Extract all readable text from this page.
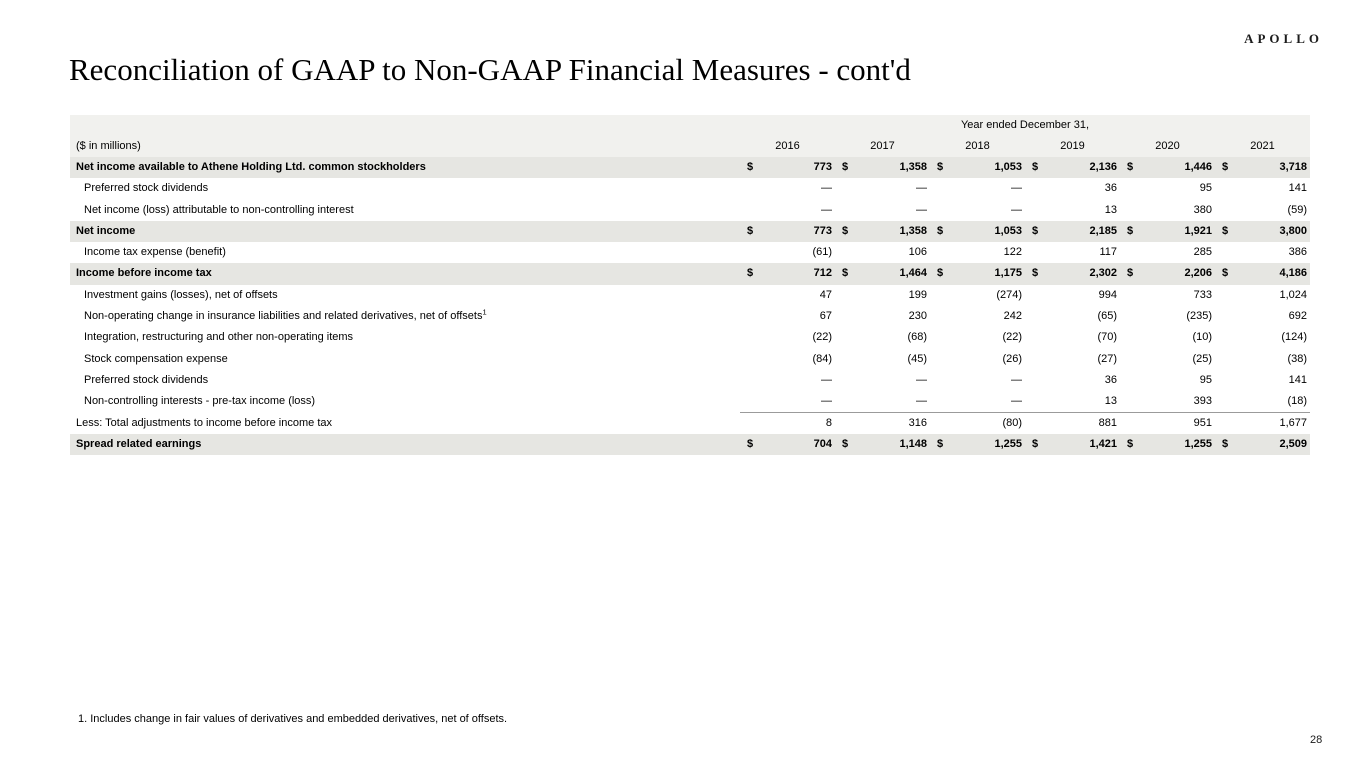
APOLLO
Reconciliation of GAAP to Non-GAAP Financial Measures - cont'd
Year ended December 31,
($ in millions)	2016	2017	2018	2019	2020	2021
Net income available to Athene Holding Ltd. common stockholders	$	773 $	1,358 $	1,053 $	2,136 $	1,446 $	3,718
Preferred stock dividends	—	—	—	36	95	141
Net income (loss) attributable to non-controlling interest	—	—	—	13	380	(59)
Net income	$	773 $	1,358 $	1,053 $	2,185 $	1,921 $	3,800
Income tax expense (benefit)	(61)	106	122	117	285	386
Income before income tax	$	712 $	1,464 $	1,175 $	2,302 $	2,206 $	4,186
Investment gains (losses), net of offsets	47	199	(274)	994	733	1,024
Non-operating change in insurance liabilities and related derivatives, net of offsets$^1$	67	230	242	(65)	(235)	692
Integration, restructuring and other non-operating items	(22)	(68)	(22)	(70)	(10)	(124)
Stock compensation expense	(84)	(45)	(26)	(27)	(25)	(38)
Preferred stock dividends	—	—	—	36	95	141
Non-controlling interests - pre-tax income (loss)	—	—	—	13	393	(18)
Less: Total adjustments to income before income tax	8	316	(80)	881	951	1,677
Spread related earnings	$	704 $	1,148 $	1,255 $	1,421 $	1,255 $	2,509
1. Includes change in fair values of derivatives and embedded derivatives, net of offsets.
28
